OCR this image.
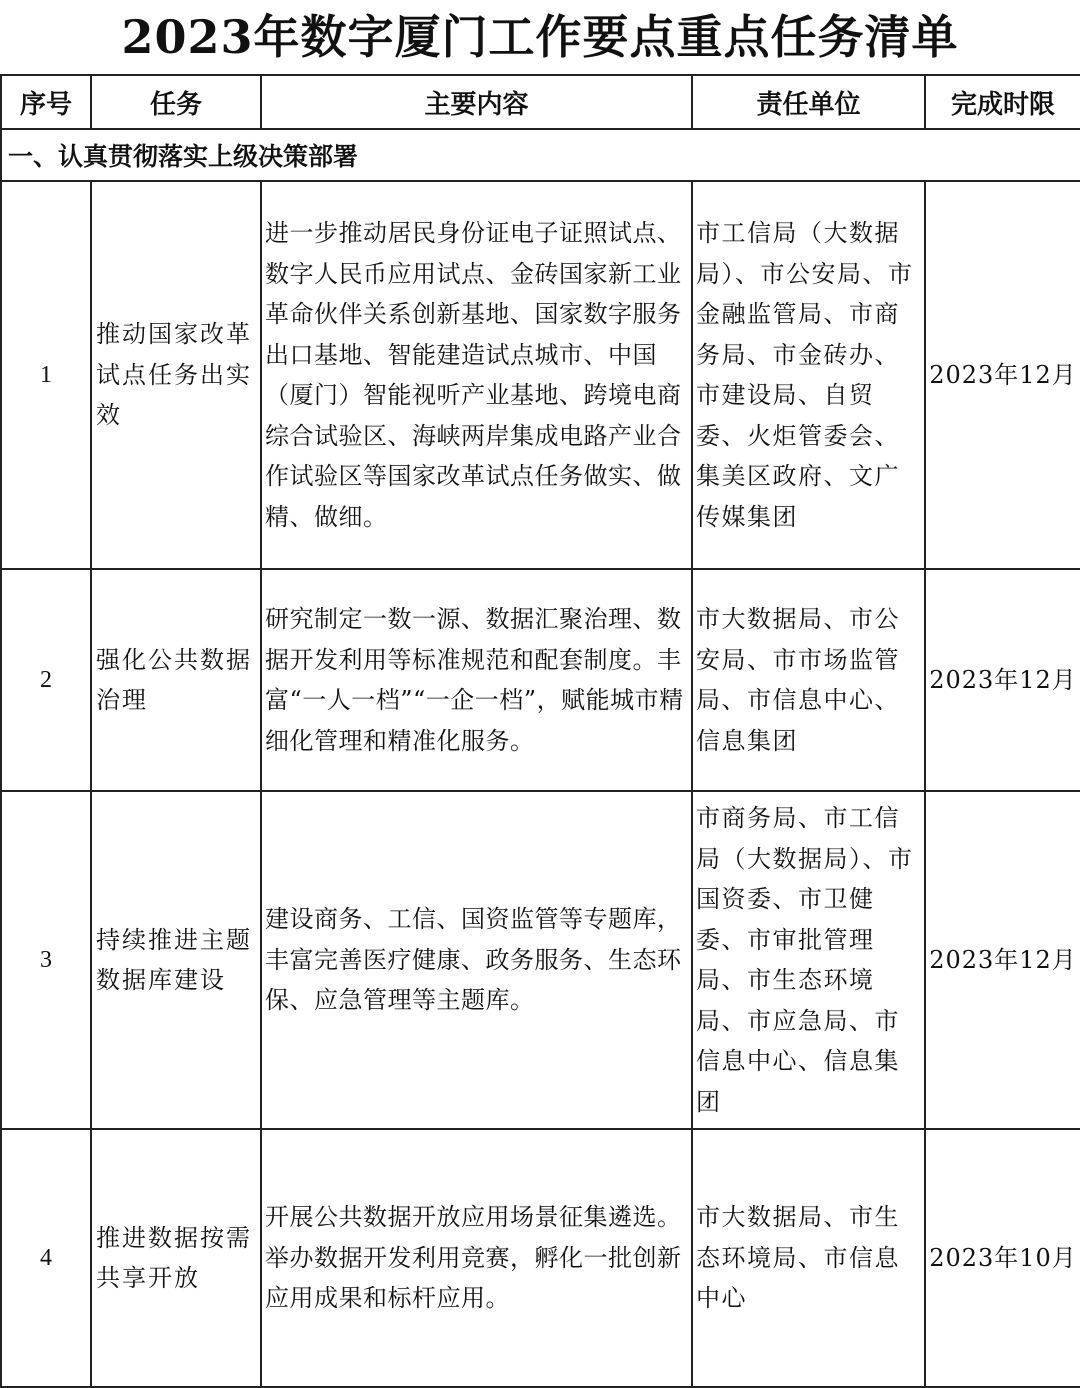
2023年数字厦门工作要点重点任务清单
序号	任务	主要内容	责任单位	完成时限
一、认真贯彻落实上级决策部署				
1	推动国家改革试点任务出实效	进一步推动居民身份证电子证照试点、数字人民币应用试点、金砖国家新工业革命伙伴关系创新基地、国家数字服务出口基地、智能建造试点城市、中国（厦门）智能视听产业基地、跨境电商综合试验区、海峡两岸集成电路产业合作试验区等国家改革试点任务做实、做精、做细。	市工信局（大数据局）、市公安局、市金融监管局、市商务局、市金砖办、市建设局、自贸委、火炬管委会、集美区政府、文广传媒集团	2023年12月
2	强化公共数据治理	研究制定一数一源、数据汇聚治理、数据开发利用等标准规范和配套制度。丰富“一人一档”“一企一档”，赋能城市精细化管理和精准化服务。	市大数据局、市公安局、市市场监管局、市信息中心、信息集团	2023年12月
3	持续推进主题数据库建设	建设商务、工信、国资监管等专题库，丰富完善医疗健康、政务服务、生态环保、应急管理等主题库。	市商务局、市工信局（大数据局）、市国资委、市卫健委、市审批管理局、市生态环境局、市应急局、市信息中心、信息集团	2023年12月
4	推进数据按需共享开放	开展公共数据开放应用场景征集遴选。举办数据开发利用竞赛，孵化一批创新应用成果和标杆应用。	市大数据局、市生态环境局、市信息中心	2023年10月
